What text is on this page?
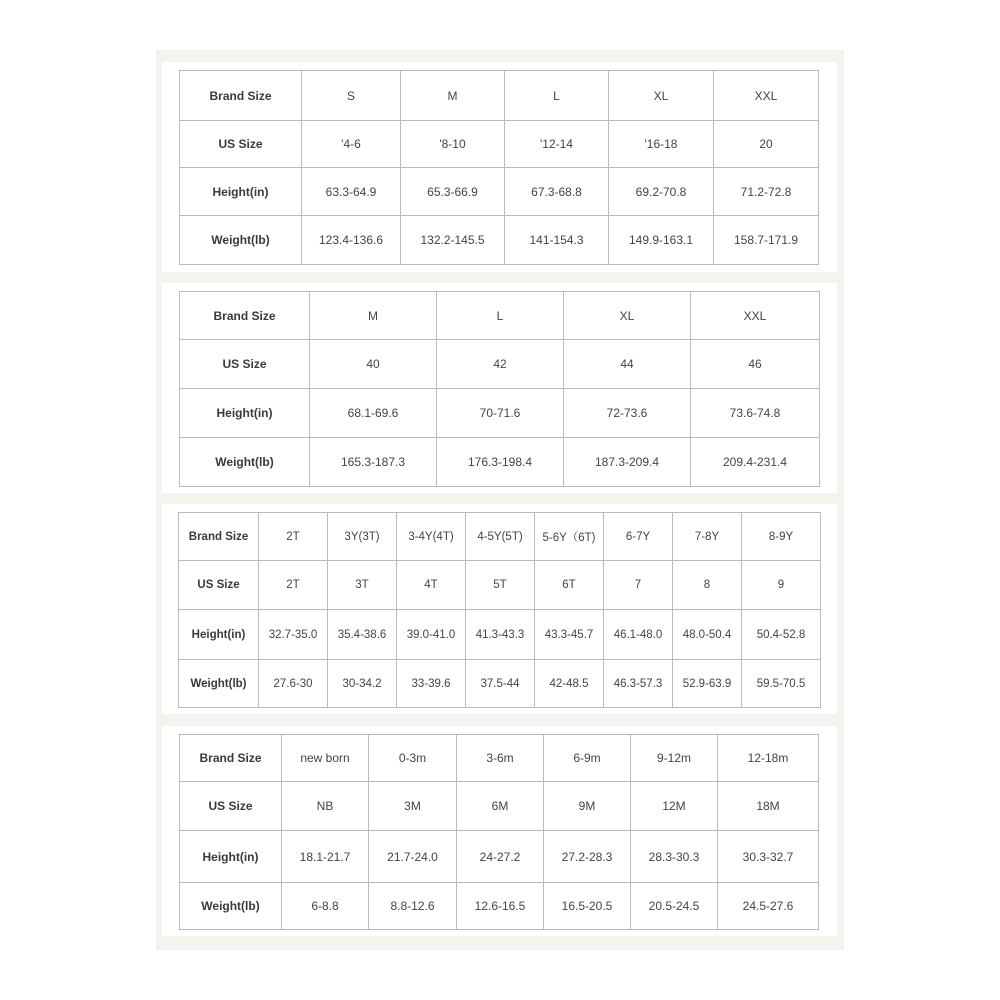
Brand Size	S	M	L	XL	XXL
US Size	'4-6	'8-10	'12-14	'16-18	20
Height(in)	63.3-64.9	65.3-66.9	67.3-68.8	69.2-70.8	71.2-72.8
Weight(lb)	123.4-136.6	132.2-145.5	141-154.3	149.9-163.1	158.7-171.9
Brand Size	M	L	XL	XXL
US Size	40	42	44	46
Height(in)	68.1-69.6	70-71.6	72-73.6	73.6-74.8
Weight(lb)	165.3-187.3	176.3-198.4	187.3-209.4	209.4-231.4
Brand Size	2T	3Y(3T)	3-4Y(4T)	4-5Y(5T)	5-6Y（6T)	6-7Y	7-8Y	8-9Y
US Size	2T	3T	4T	5T	6T	7	8	9
Height(in)	32.7-35.0	35.4-38.6	39.0-41.0	41.3-43.3	43.3-45.7	46.1-48.0	48.0-50.4	50.4-52.8
Weight(lb)	27.6-30	30-34.2	33-39.6	37.5-44	42-48.5	46.3-57.3	52.9-63.9	59.5-70.5
Brand Size	new born	0-3m	3-6m	6-9m	9-12m	12-18m
US Size	NB	3M	6M	9M	12M	18M
Height(in)	18.1-21.7	21.7-24.0	24-27.2	27.2-28.3	28.3-30.3	30.3-32.7
Weight(lb)	6-8.8	8.8-12.6	12.6-16.5	16.5-20.5	20.5-24.5	24.5-27.6
